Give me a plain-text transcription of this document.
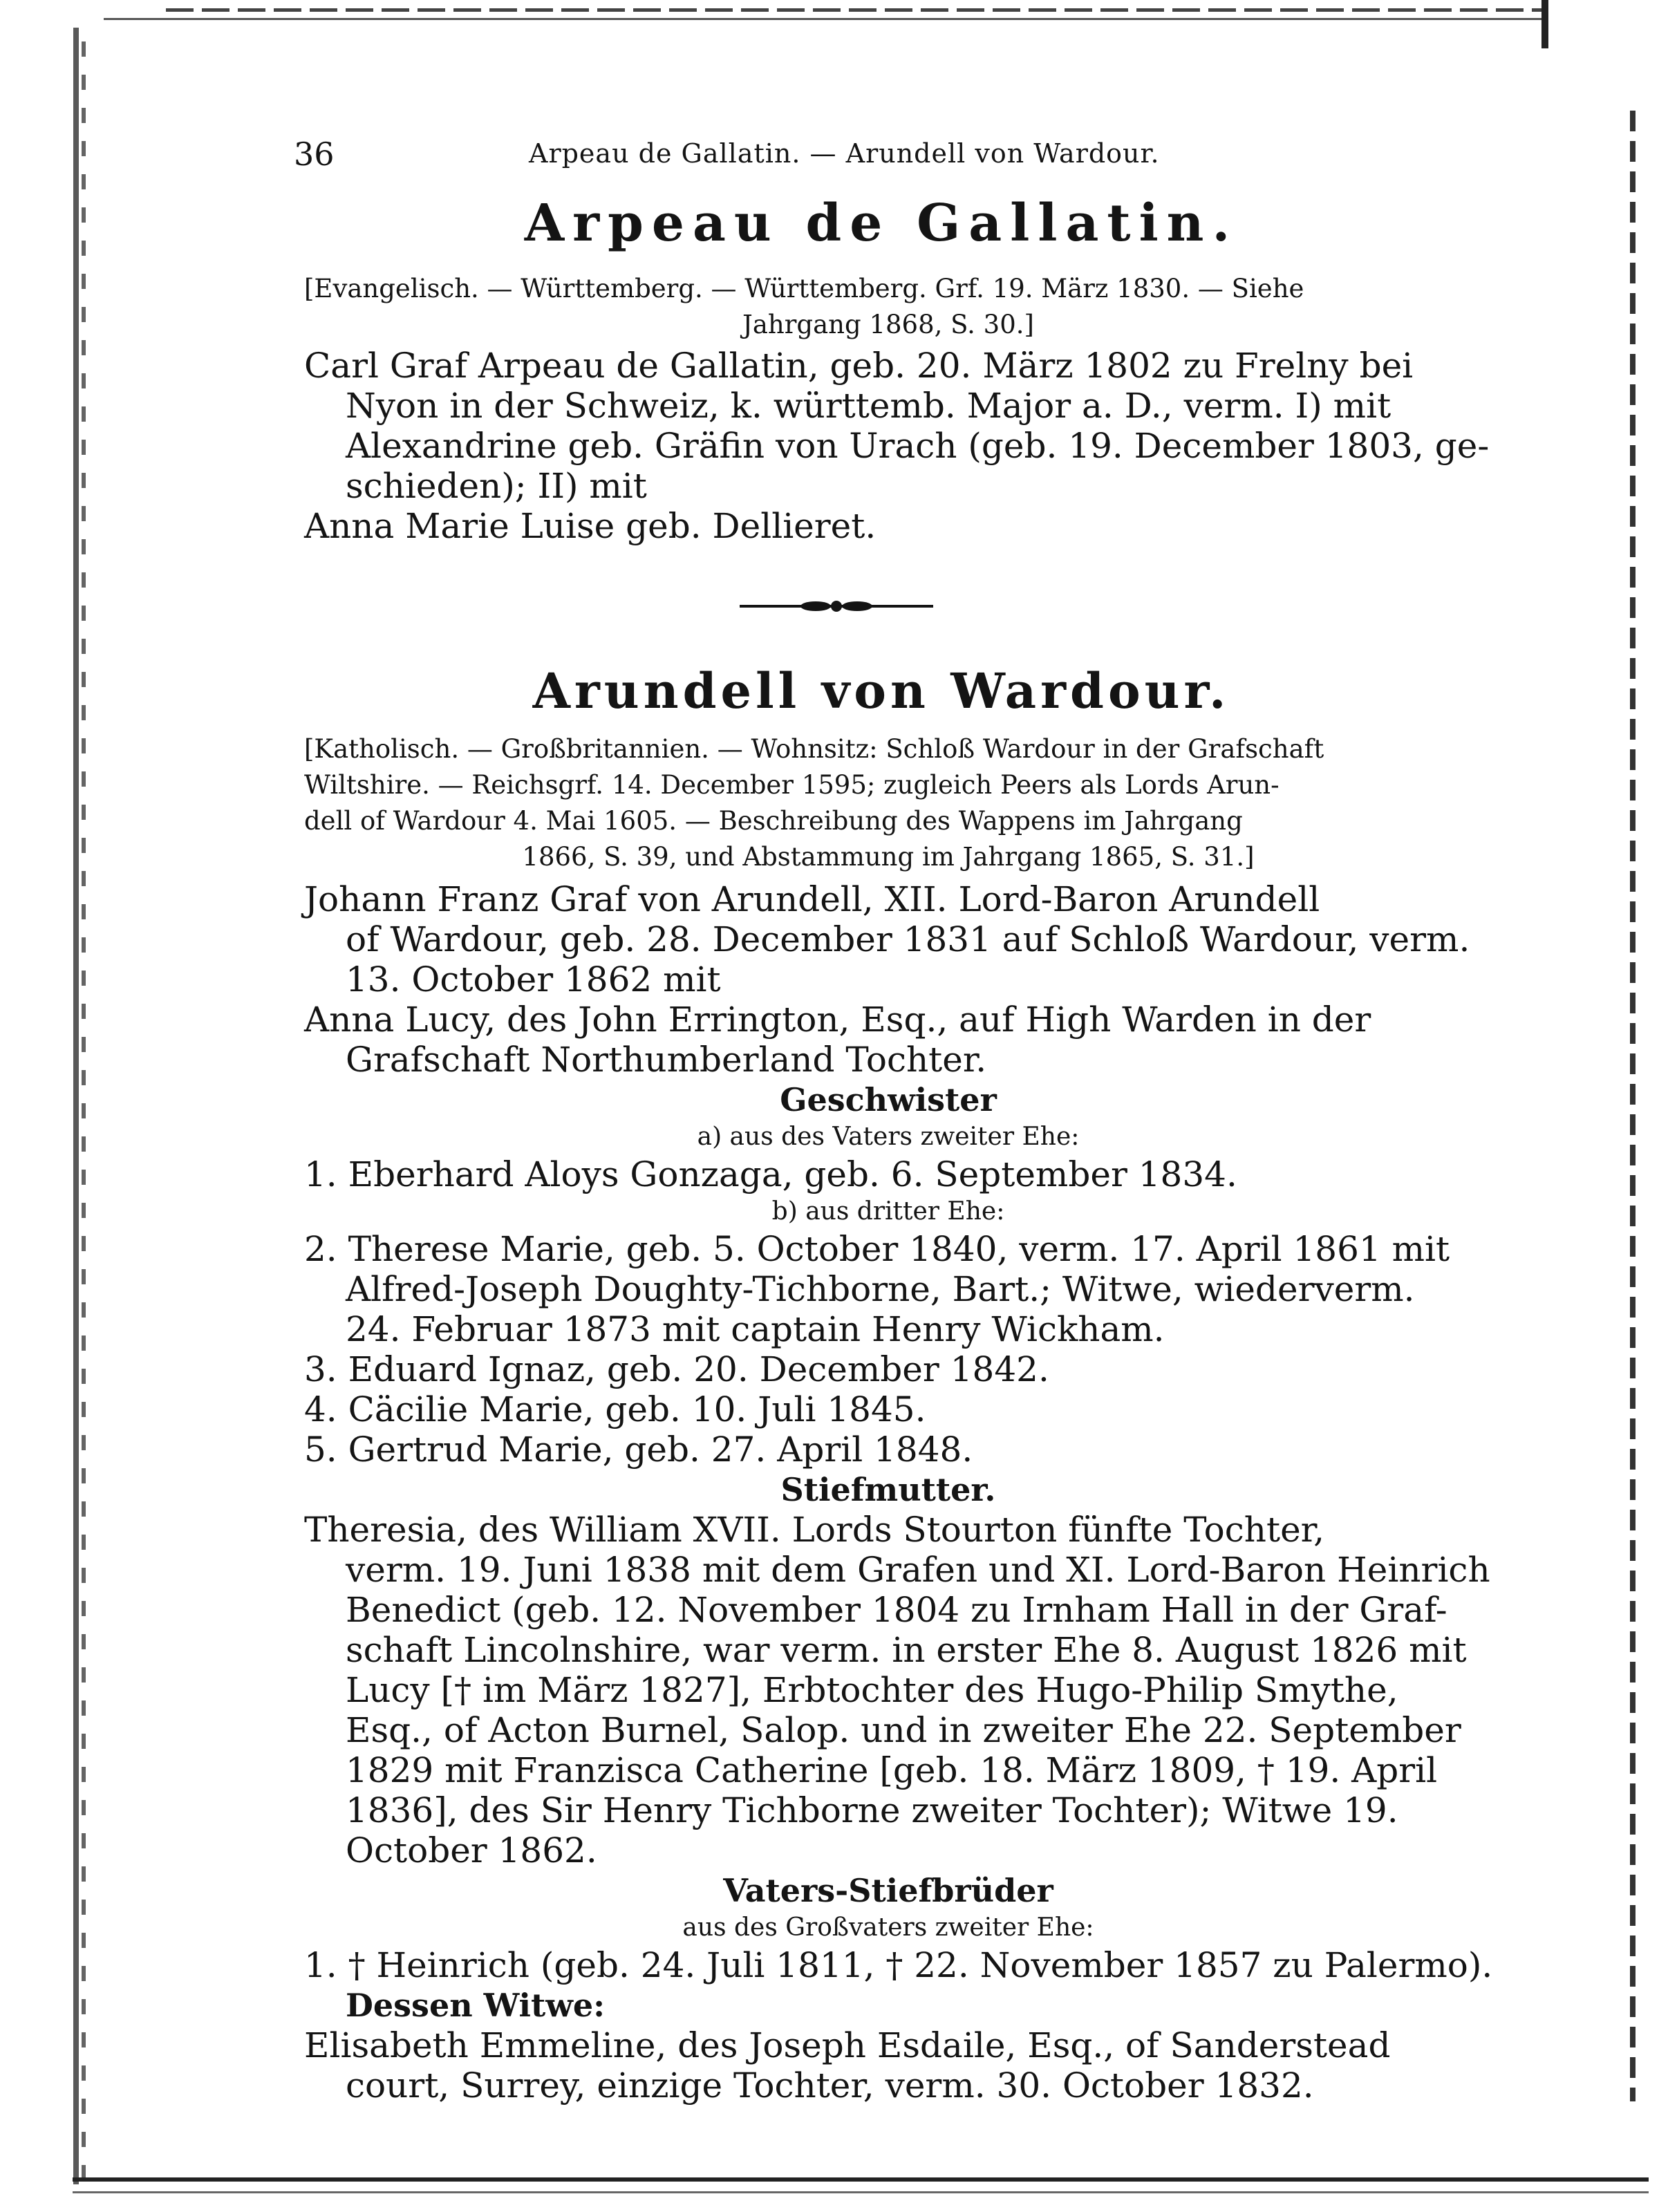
36	Arpeau de Gallatin. — Arundell von Wardour.
Arpeau de Gallatin.
[Evangelisch. — Württemberg. — Württemberg. Grf. 19. März 1830. — Siehe
Jahrgang 1868, S. 30.]
Carl Graf Arpeau de Gallatin, geb. 20. März 1802 zu Frelny bei
Nyon in der Schweiz, k. württemb. Major a. D., verm. I) mit
Alexandrine geb. Gräfin von Urach (geb. 19. December 1803, ge-
schieden); II) mit
Anna Marie Luise geb. Dellieret.
Arundell von Wardour.
[Katholisch. — Großbritannien. — Wohnsitz: Schloß Wardour in der Grafschaft
Wiltshire. — Reichsgrf. 14. December 1595; zugleich Peers als Lords Arun-
dell of Wardour 4. Mai 1605. — Beschreibung des Wappens im Jahrgang
1866, S. 39, und Abstammung im Jahrgang 1865, S. 31.]
Johann Franz Graf von Arundell, XII. Lord-Baron Arundell
of Wardour, geb. 28. December 1831 auf Schloß Wardour, verm.
13. October 1862 mit
Anna Lucy, des John Errington, Esq., auf High Warden in der
Grafschaft Northumberland Tochter.
Geschwister
a) aus des Vaters zweiter Ehe:
1. Eberhard Aloys Gonzaga, geb. 6. September 1834.
b) aus dritter Ehe:
2. Therese Marie, geb. 5. October 1840, verm. 17. April 1861 mit
Alfred-Joseph Doughty-Tichborne, Bart.; Witwe, wiederverm.
24. Februar 1873 mit captain Henry Wickham.
3. Eduard Ignaz, geb. 20. December 1842.
4. Cäcilie Marie, geb. 10. Juli 1845.
5. Gertrud Marie, geb. 27. April 1848.
Stiefmutter.
Theresia, des William XVII. Lords Stourton fünfte Tochter,
verm. 19. Juni 1838 mit dem Grafen und XI. Lord-Baron Heinrich
Benedict (geb. 12. November 1804 zu Irnham Hall in der Graf-
schaft Lincolnshire, war verm. in erster Ehe 8. August 1826 mit
Lucy [† im März 1827], Erbtochter des Hugo-Philip Smythe,
Esq., of Acton Burnel, Salop. und in zweiter Ehe 22. September
1829 mit Franzisca Catherine [geb. 18. März 1809, † 19. April
1836], des Sir Henry Tichborne zweiter Tochter); Witwe 19.
October 1862.
Vaters-Stiefbrüder
aus des Großvaters zweiter Ehe:
1. † Heinrich (geb. 24. Juli 1811, † 22. November 1857 zu Palermo).
Dessen Witwe:
Elisabeth Emmeline, des Joseph Esdaile, Esq., of Sanderstead
court, Surrey, einzige Tochter, verm. 30. October 1832.
